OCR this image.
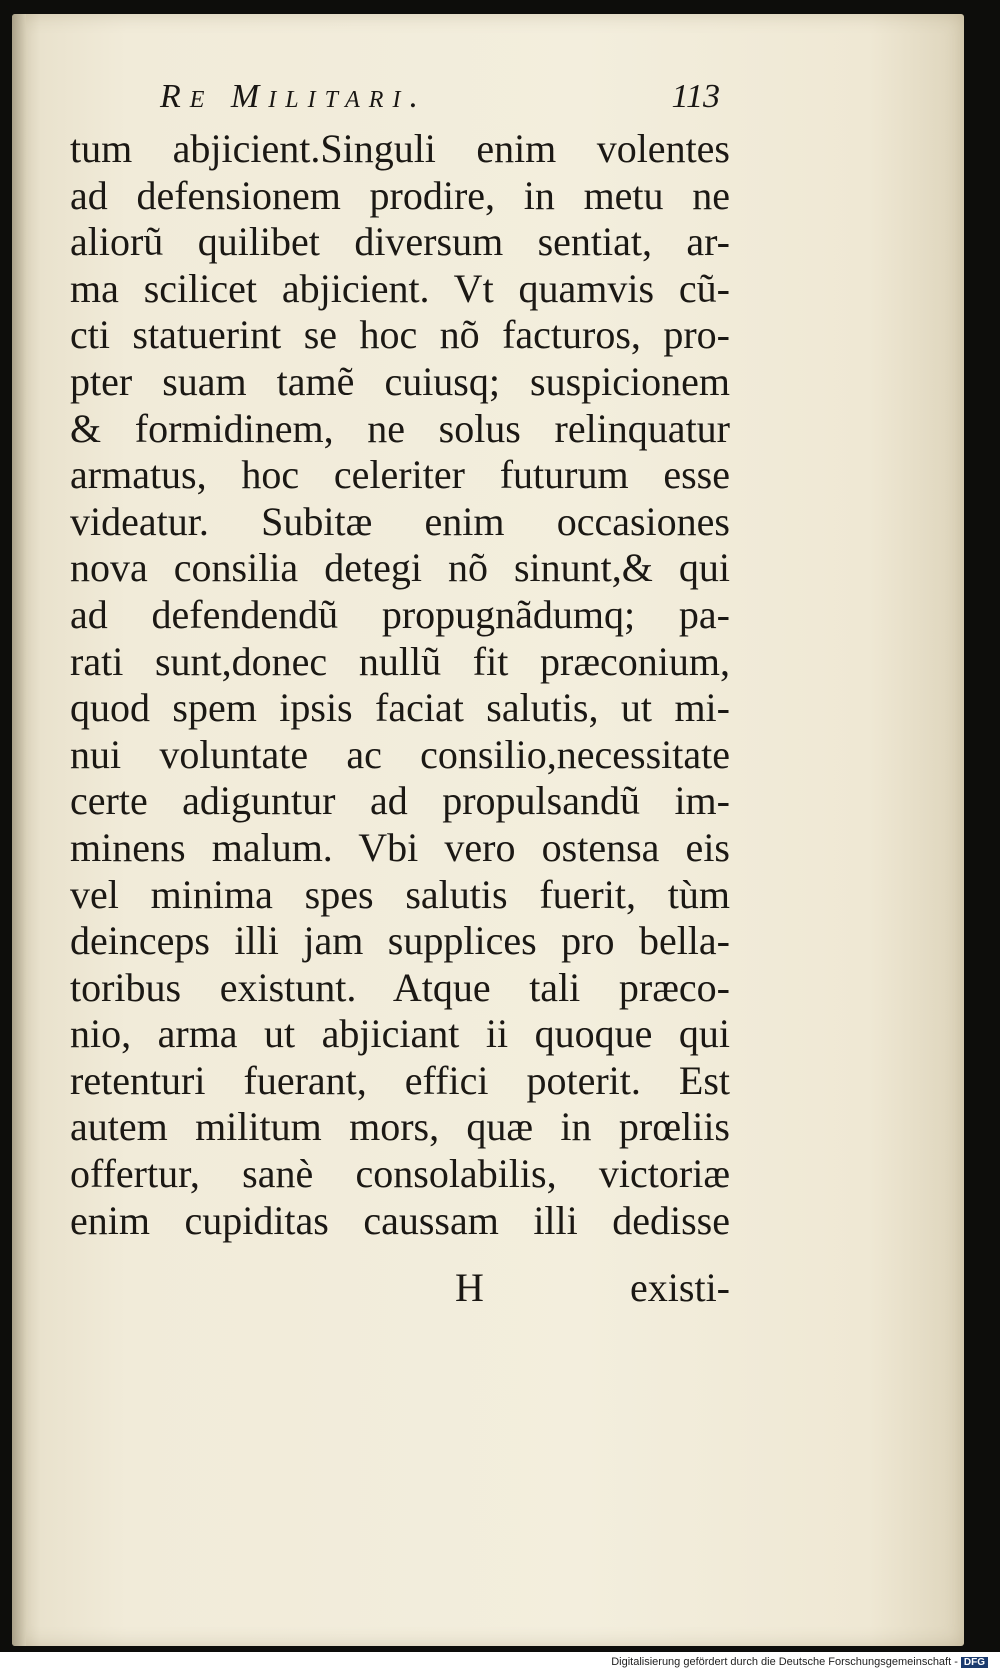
Re Militari.	113
tum abjicient.Singuli enim volentes
ad defensionem prodire, in metu ne
aliorũ quilibet diversum sentiat, ar-
ma scilicet abjicient. Vt quamvis cũ-
cti statuerint se hoc nõ facturos, pro-
pter suam tamẽ cuiusq; suspicionem
& formidinem, ne solus relinquatur
armatus, hoc celeriter futurum esse
videatur. Subitæ enim occasiones
nova consilia detegi nõ sinunt,& qui
ad defendendũ propugnãdumq; pa-
rati sunt,donec nullũ fit præconium,
quod spem ipsis faciat salutis, ut mi-
nui voluntate ac consilio,necessitate
certe adiguntur ad propulsandũ im-
minens malum. Vbi vero ostensa eis
vel minima spes salutis fuerit, tùm
deinceps illi jam supplices pro bella-
toribus existunt. Atque tali præco-
nio, arma ut abjiciant ii quoque qui
retenturi fuerant, effici poterit. Est
autem militum mors, quæ in prœliis
offertur, sanè consolabilis, victoriæ
enim cupiditas caussam illi dedisse
H	existi-
Digitalisierung gefördert durch die Deutsche Forschungsgemeinschaft - DFG
